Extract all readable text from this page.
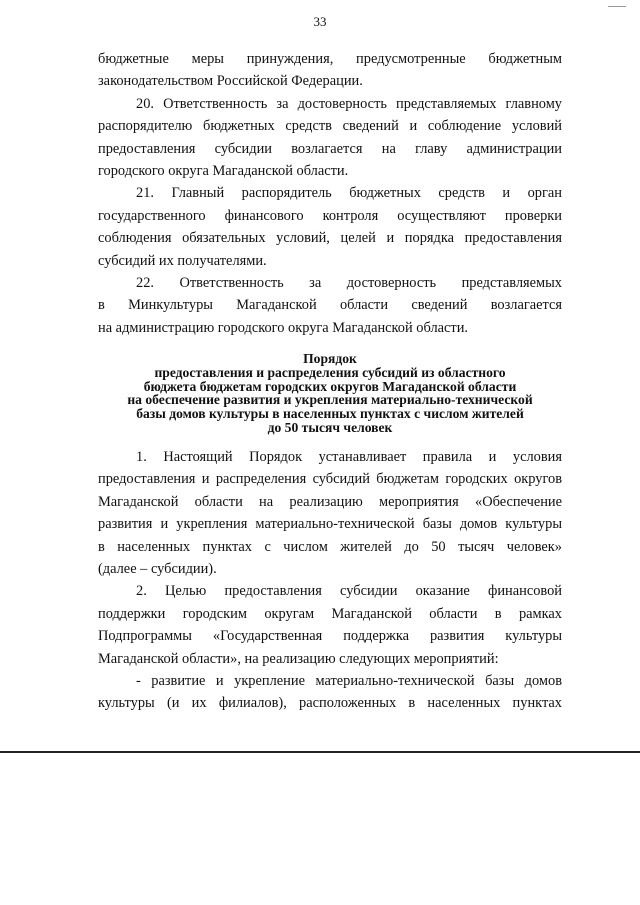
33
бюджетные меры принуждения, предусмотренные бюджетным
законодательством Российской Федерации.
20. Ответственность за достоверность представляемых главному
распорядителю бюджетных средств сведений и соблюдение условий
предоставления субсидии возлагается на главу администрации
городского округа Магаданской области.
21. Главный распорядитель бюджетных средств и орган
государственного финансового контроля осуществляют проверки
соблюдения обязательных условий, целей и порядка предоставления
субсидий их получателями.
22. Ответственность за достоверность представляемых
в Минкультуры Магаданской области сведений возлагается
на администрацию городского округа Магаданской области.
Порядок
предоставления и распределения субсидий из областного
бюджета бюджетам городских округов Магаданской области
на обеспечение развития и укрепления материально-технической
базы домов культуры в населенных пунктах с числом жителей
до 50 тысяч человек
1. Настоящий Порядок устанавливает правила и условия
предоставления и распределения субсидий бюджетам городских округов
Магаданской области на реализацию мероприятия «Обеспечение
развития и укрепления материально-технической базы домов культуры
в населенных пунктах с числом жителей до 50 тысяч человек»
(далее – субсидии).
2. Целью предоставления субсидии оказание финансовой
поддержки городским округам Магаданской области в рамках
Подпрограммы «Государственная поддержка развития культуры
Магаданской области», на реализацию следующих мероприятий:
- развитие и укрепление материально-технической базы домов
культуры (и их филиалов), расположенных в населенных пунктах
